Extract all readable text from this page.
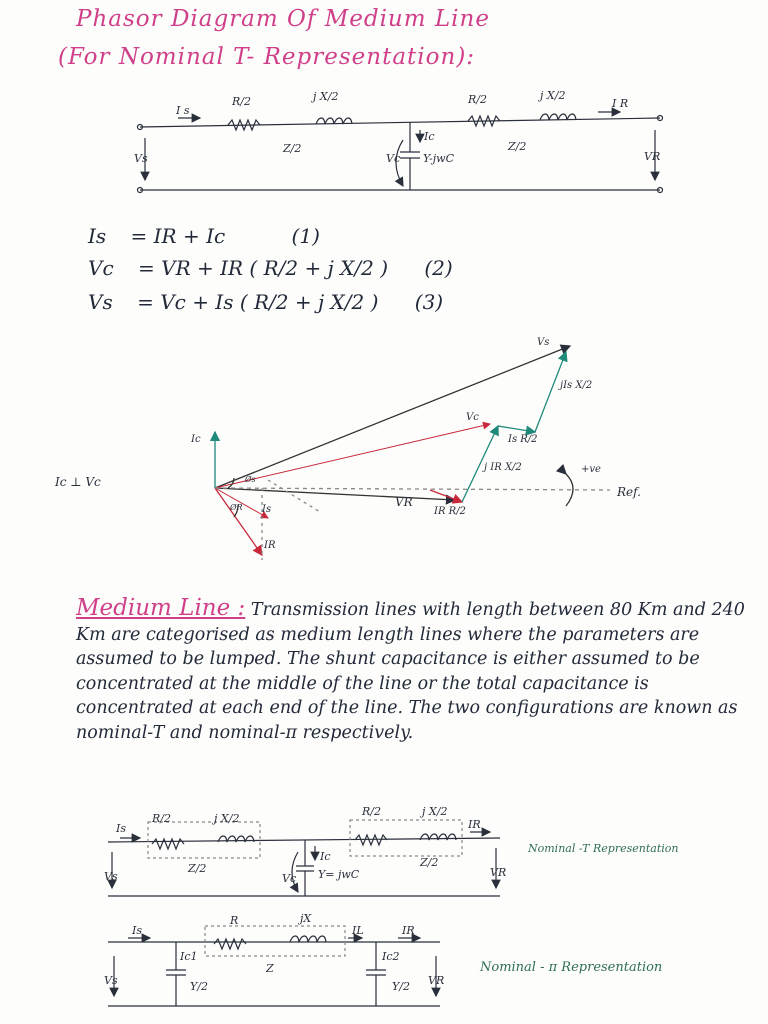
Phasor Diagram Of Medium Line
(For Nominal T- Representation):
R/2	j X/2	R/2	j X/2
Z/2	Z/2
I s
I R
Vs	VR
Ic
Vc Y-jwC
Vs
jIs X/2
Vc
Is R/2
j IR X/2
VR
IR R/2
Ic
IR
Is
+ve
Ref.
Ic ⊥ Vc
ØR
Øs
R/2	j X/2
R/2	j X/2
Z/2	Z/2
Is	IR
Vs	VR
Ic
Vc Y= jwC
R	jX
Z
Is	IR
IL
Ic1	Ic2
Vs	VR
Y/2	Y/2
Is = IR + Ic	(1)
Vc = VR + IR ( R/2 + j X/2 ) (2)
Vs = Vc + Is ( R/2 + j X/2 ) (3)
Medium Line : Transmission lines with length between 80 Km and 240 Km are categorised as medium length lines where the parameters are assumed to be lumped. The shunt capacitance is either assumed to be concentrated at the middle of the line or the total capacitance is concentrated at each end of the line. The two configurations are known as nominal-T and nominal-π respectively.
Nominal -T Representation
Nominal - π Representation
